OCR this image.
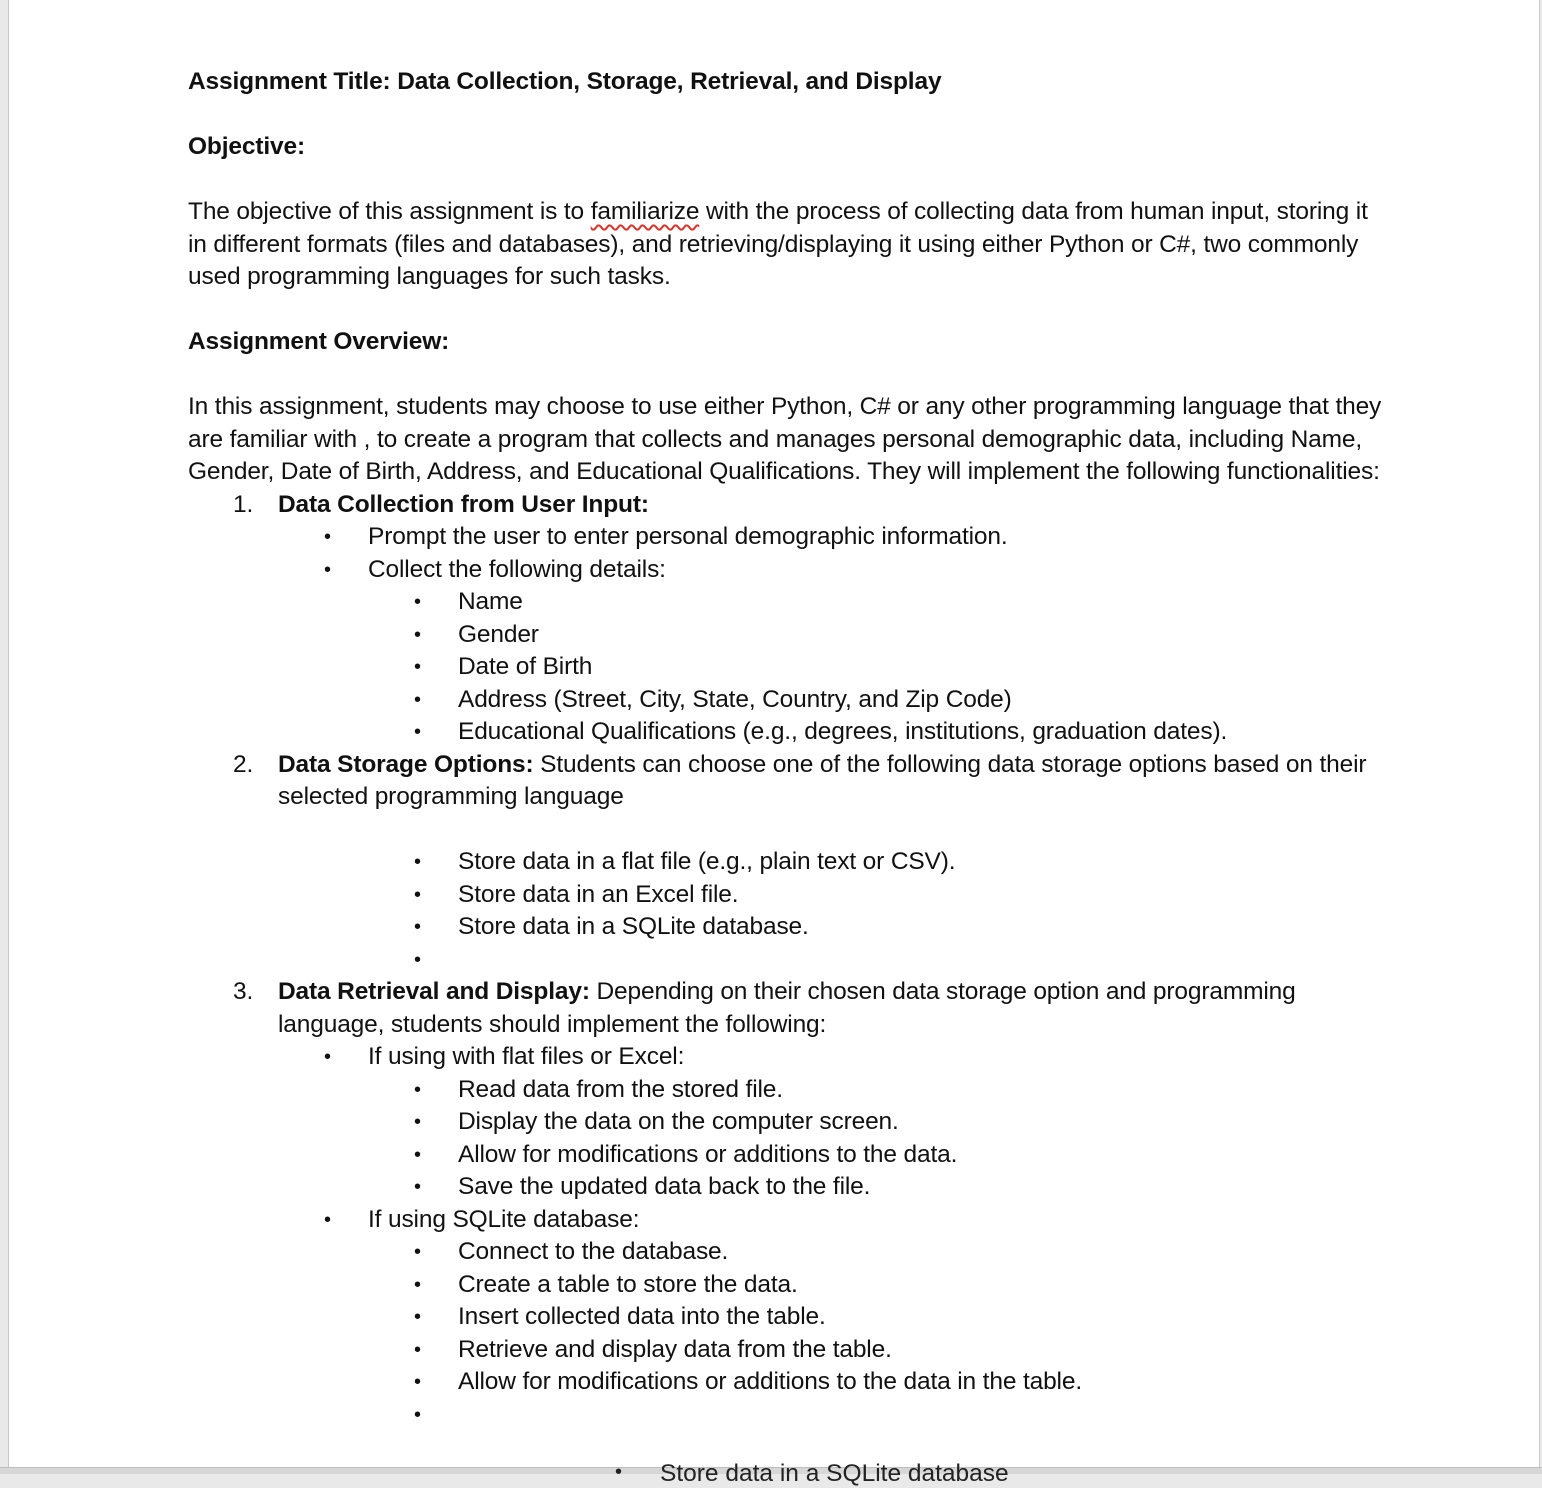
Assignment Title: Data Collection, Storage, Retrieval, and Display

Objective:

The objective of this assignment is to familiarize with the process of collecting data from human input, storing it in different formats (files and databases), and retrieving/displaying it using either Python or C#, two commonly used programming languages for such tasks.

Assignment Overview:

In this assignment, students may choose to use either Python, C# or any other programming language that they are familiar with , to create a program that collects and manages personal demographic data, including Name, Gender, Date of Birth, Address, and Educational Qualifications. They will implement the following functionalities:

1. Data Collection from User Input:
• Prompt the user to enter personal demographic information.
• Collect the following details:
• Name
• Gender
• Date of Birth
• Address (Street, City, State, Country, and Zip Code)
• Educational Qualifications (e.g., degrees, institutions, graduation dates).
2. Data Storage Options: Students can choose one of the following data storage options based on their selected programming language
• Store data in a flat file (e.g., plain text or CSV).
• Store data in an Excel file.
• Store data in a SQLite database.
•
3. Data Retrieval and Display: Depending on their chosen data storage option and programming language, students should implement the following:
• If using with flat files or Excel:
• Read data from the stored file.
• Display the data on the computer screen.
• Allow for modifications or additions to the data.
• Save the updated data back to the file.
• If using SQLite database:
• Connect to the database.
• Create a table to store the data.
• Insert collected data into the table.
• Retrieve and display data from the table.
• Allow for modifications or additions to the data in the table.
•
• Store data in a SQLite database
